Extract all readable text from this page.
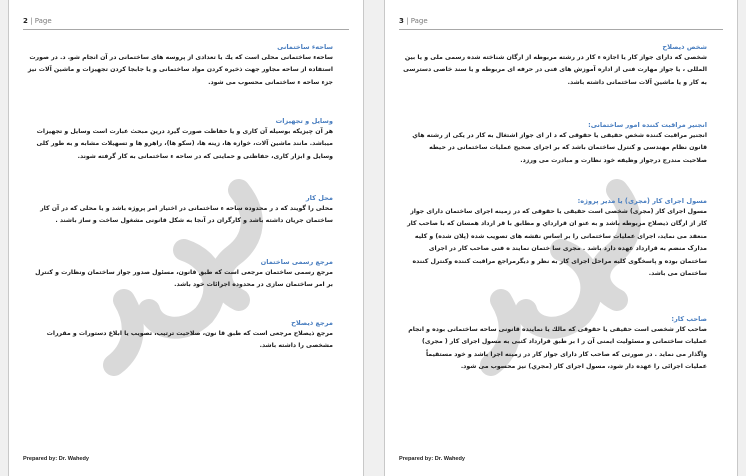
2 | Page
ساحه‌ء ساختمانی
ساحه‌ء ساختمانی محلی است که یك یا تعدادی از پروسه های ساختمانی در آن انجام شو. د. در صورت استفاده از ساحه مجاور جهت ذخیره کردن مواد ساختمانی و یا جابجا کردن تجهیزات و ماشین آلات نیز جزء ساحه ء ساختمانی محسوب می شود.
وسایل و تجهیزات
هر آن چیزیکه بوسیله آن کاری و یا حفاظت صورت گیرد درین مبحث عبارت است وسایل و تجهیزات میباشد. مانند ماشین آلات، خوازه ها، زینه ها، (سکو ها)، راهرو ها و تسهیلات مشابه و به طور کلی وسایل و ابزار کاری، حفاظتی و حمایتی که در ساحه ء ساختمانی به کار گرفته شوند.
محل کار
محلی را گویند که د ر محدوده ساحه ء ساختمانی در اختیار امر پروژه باشد و یا محلی که در آن کار ساختمان جریان داشته باشد و کارگران در آنجا به شکل قانونی مشغول ساخت و ساز باشند .
مرجع رسمی ساختمان
مرجع رسمی ساختمان مرجعی است که طبق قانون، مسئول صدور جواز ساختمان ونظارت و کنترل بر امر ساختمان سازی در محدوده اجرائات خود باشد.
مرجع ذیصلاح
مرجع ذیصلاح مرجعی است که طبق قا نون، صلاحیت ترتیب، تصویب یا ابلاغ دستورات و مقررات مشخصی را داشته باشد.
Prepared by: Dr. Wahedy
3 | Page
شخص ذیصلاح
شخصی که دارای جواز کار یا اجازه ء کار در رشته مربوطه از ارگان شناخته شده رسمی ملی و یا بین المللی ، یا جواز مهارت فنی از اداره آموزش های فنی در حرفه ای مربوطه و یا سند خاصی دسترسی به کار و یا ماشین آلات ساختمانی داشته باشد.
انجنیر مراقبت کننده امور ساختمانی:
انجنیر مراقبت کننده شخص حقیقی یا حقوقی که د ار ای جواز اشتغال به کار در یکی از رشته هاي قانون نظام مهندسی و کنترل ساختمان باشد که بر اجرای صحیح عملیات ساختمانی در حیطه صلاحیت مندرج درجواز وظیفه خود نظارت و مبادرت می ورزد.
مسول اجرای کار (مجری) یا مدیر پروژه:
مسول اجرای کار (مجری) شخصی است حقیقی یا حقوقی که در زمینه اجرای ساختمان دارای جواز کار از ارگان ذیصلاح مربوطه باشد و به عنو ان قرارداي و مطابق با قر ارداد همسان که با صاحب کار منعقد می نماید، اجرای عملیات ساختمانی را بر اساس نقشه های تصویب شده (پلان شده) و کلیه مدارک منضم به قرارداد عهده دارد باشد . مجری سا ختمان نمایند ه فنی صاحب کار در اجرای ساختمان بوده و پاسخگوی کلیه مراحل اجرای کار به نظر و دیگرمراجع مراقبت کننده وکنترل کننده ساختمان می باشد.
صاحب کار:
صاحب کار شخصی است حقیقی یا حقوقی که مالك یا نماینده قانونی ساحه ساختمانی بوده و انجام عملیات ساختمانی و مسئولیت ایمنی آن ر ا بر طبق قرارداد کتبی به مسول اجرای کار ( مجری) واگذار می نماید . در صورتی که صاحب کار دارای جواز کار در زمینه اجرا باشد و خود مستقیماً عملیات اجرائی را عهده دار شود، مسول اجرای کار (مجري) نیز محسوب می شود.
Prepared by: Dr. Wahedy
